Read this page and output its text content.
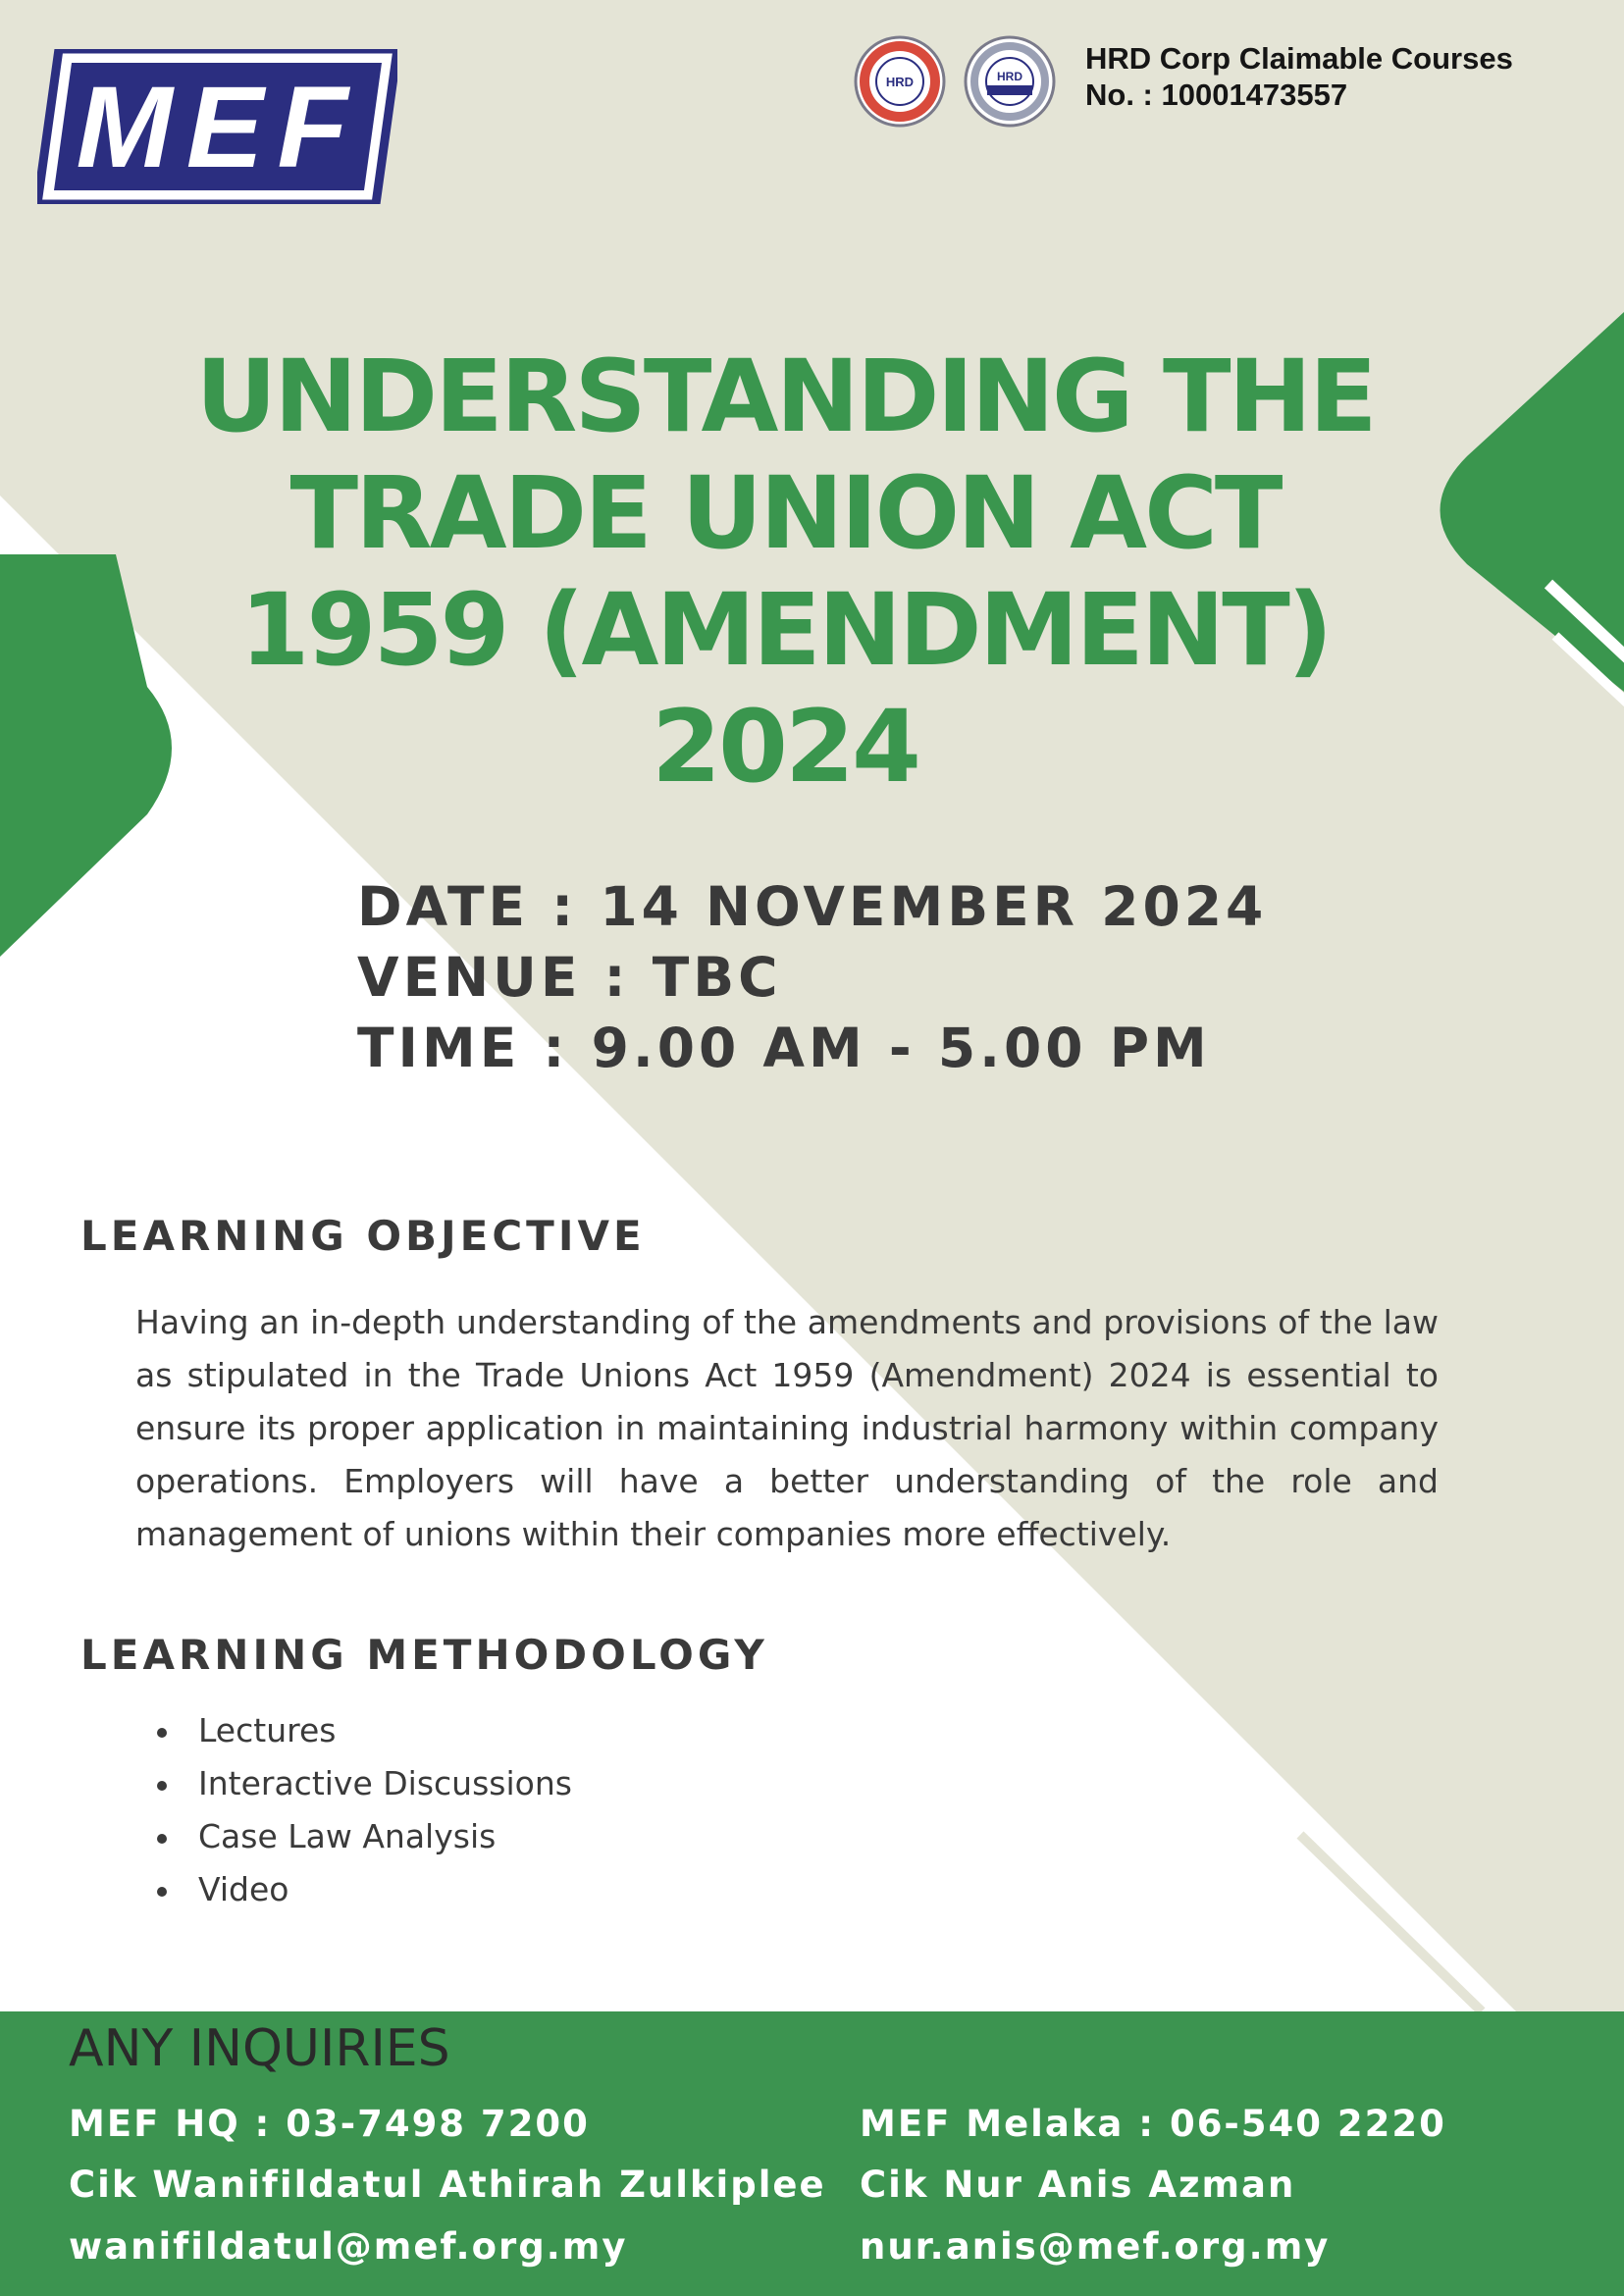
MEF	HRD	HRD
HRD Corp Claimable Courses
No. : 10001473557
UNDERSTANDING THE
TRADE UNION ACT
1959 (AMENDMENT)
2024
DATE : 14 NOVEMBER 2024
VENUE : TBC
TIME : 9.00 AM - 5.00 PM
LEARNING OBJECTIVE
Having an in-depth understanding of the amendments and provisions of the law as stipulated in the Trade Unions Act 1959 (Amendment) 2024 is essential to ensure its proper application in maintaining industrial harmony within company operations. Employers will have a better understanding of the role and management of unions within their companies more effectively.
LEARNING METHODOLOGY
Lectures
Interactive Discussions
Case Law Analysis
Video
ANY INQUIRIES
MEF HQ : 03-7498 7200
Cik Wanifildatul Athirah Zulkiplee
wanifildatul@mef.org.my
MEF Melaka : 06-540 2220
Cik Nur Anis Azman
nur.anis@mef.org.my
